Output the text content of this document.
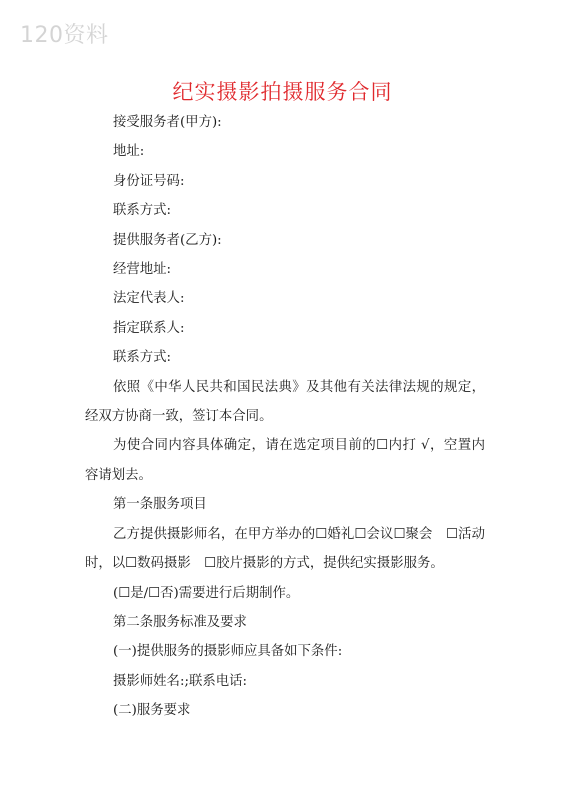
120资料
纪实摄影拍摄服务合同

接受服务者(甲方):

地址:

身份证号码:

联系方式:

提供服务者(乙方):

经营地址:

法定代表人:

指定联系人:

联系方式:

依照《中华人民共和国民法典》及其他有关法律法规的规定，经双方协商一致，签订本合同。

为使合同内容具体确定，请在选定项目前的☐内打 √，空置内容请划去。

第一条服务项目

乙方提供摄影师名，在甲方举办的☐婚礼☐会议☐聚会　☐活动时，以☐数码摄影　☐胶片摄影的方式，提供纪实摄影服务。

(☐是/☐否)需要进行后期制作。

第二条服务标准及要求

(一)提供服务的摄影师应具备如下条件:

摄影师姓名:;联系电话:

(二)服务要求
